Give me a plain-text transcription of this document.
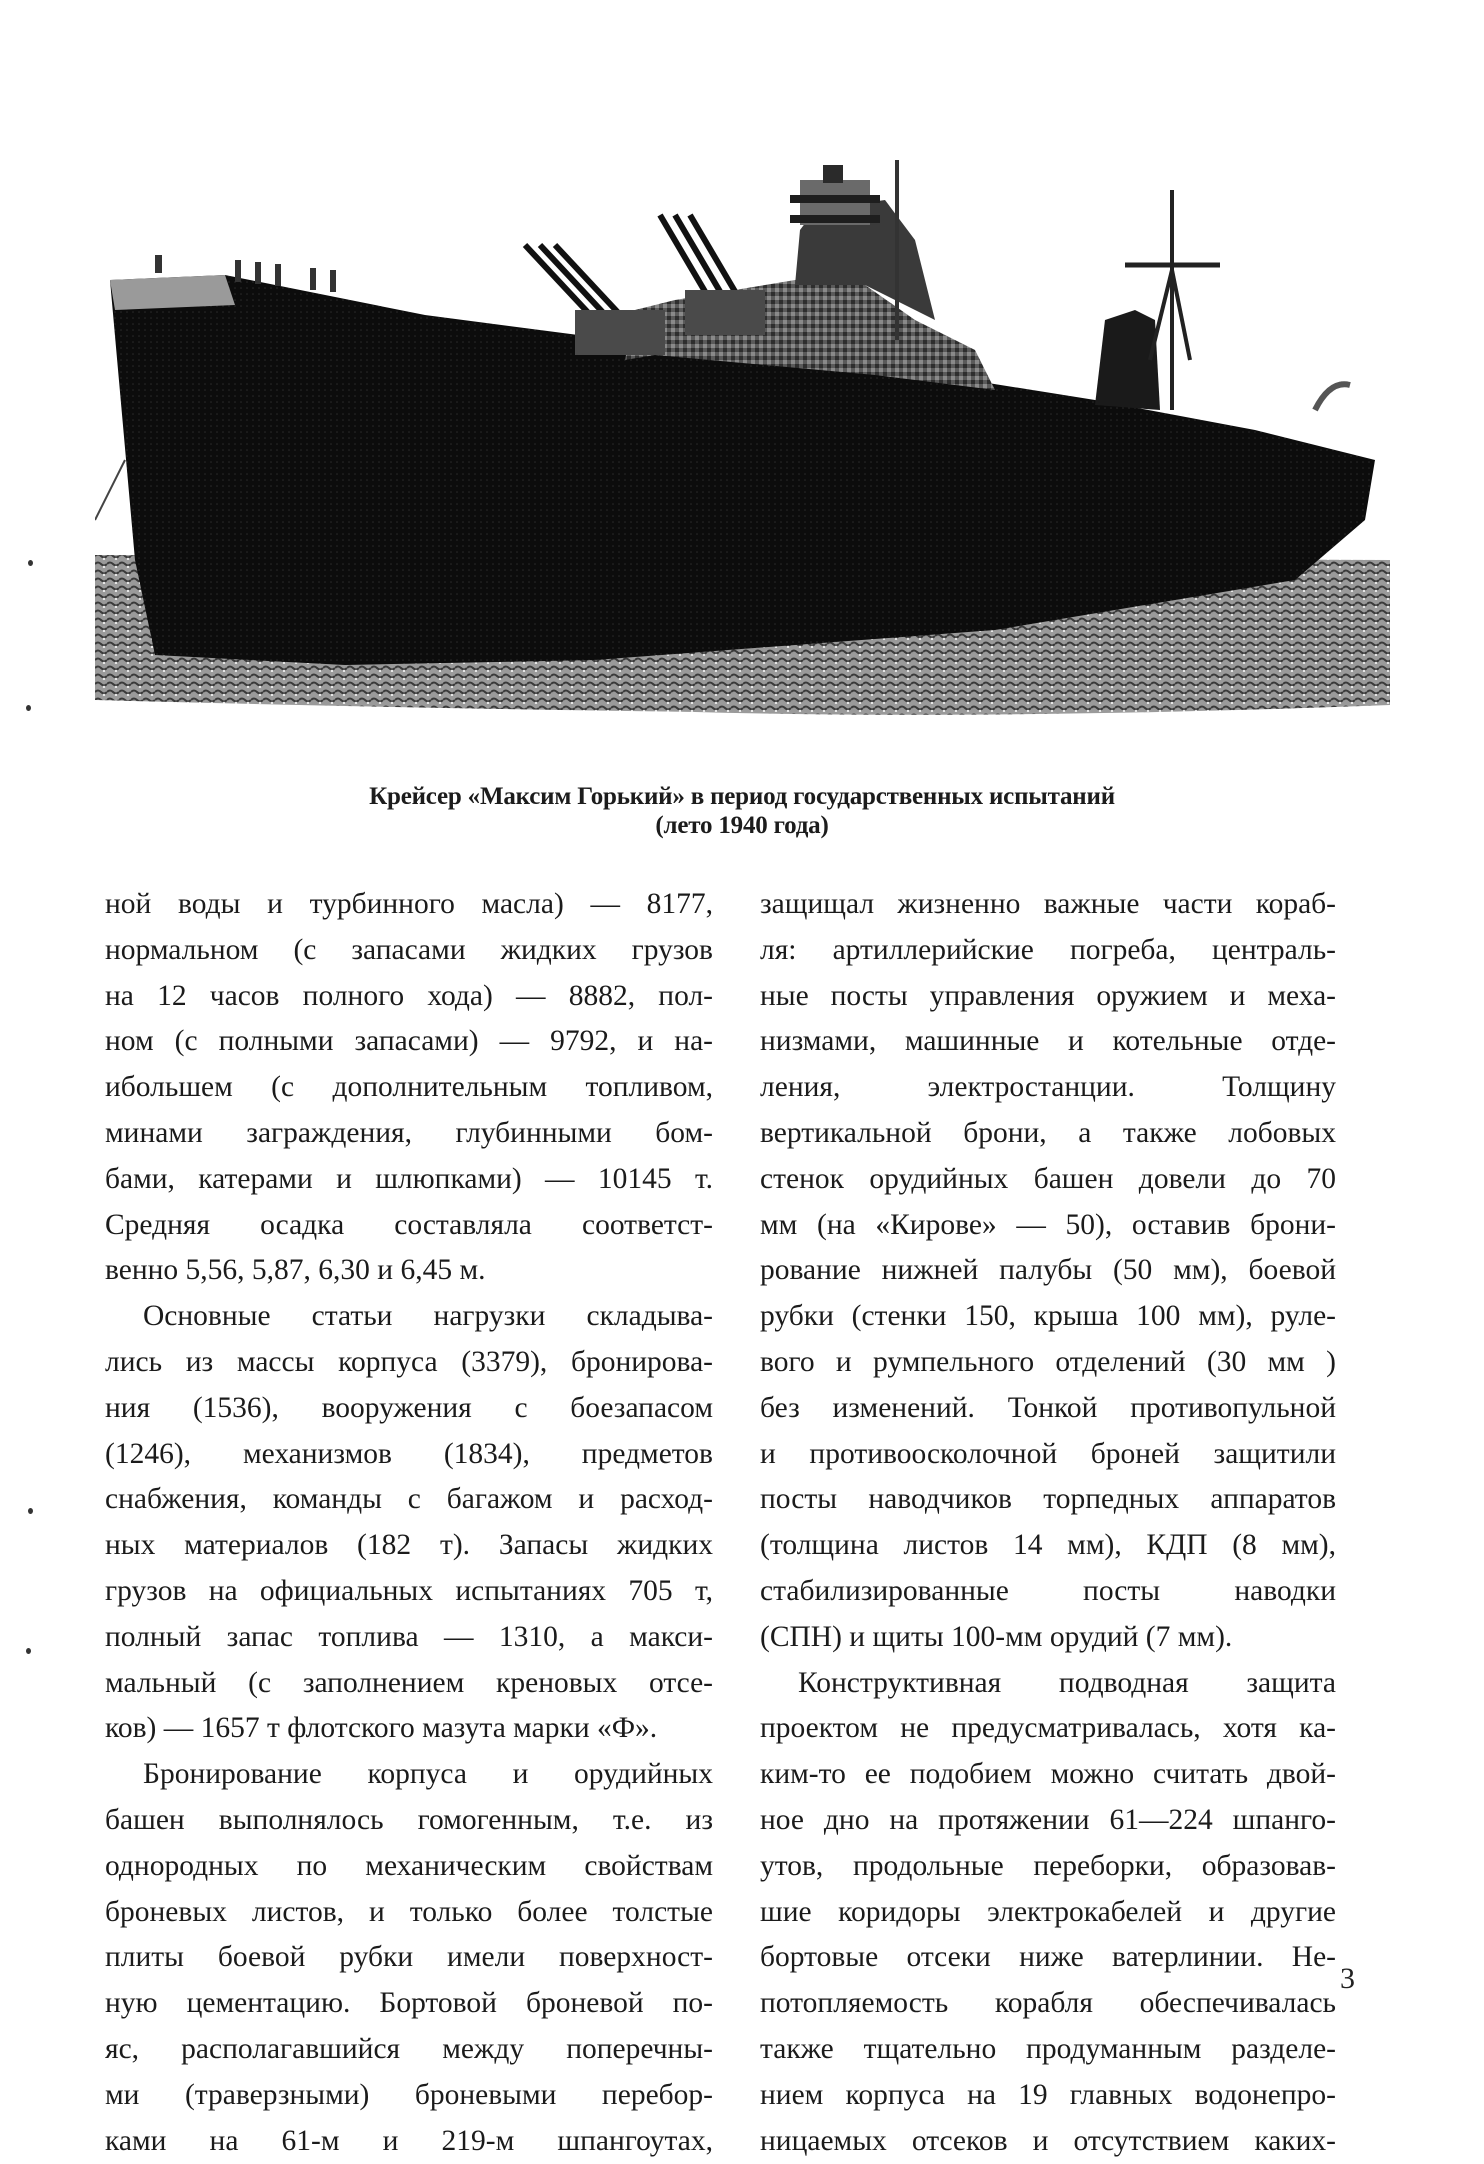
Крейсер «Максим Горький» в период государственных испытаний
(лето 1940 года)
ной воды и турбинного масла) — 8177,
нормальном (с запасами жидких грузов
на 12 часов полного хода) — 8882, пол-
ном (с полными запасами) — 9792, и на-
ибольшем (с дополнительным топливом,
минами заграждения, глубинными бом-
бами, катерами и шлюпками) — 10145 т.
Средняя осадка составляла соответст-
венно 5,56, 5,87, 6,30 и 6,45 м.
Основные статьи нагрузки складыва-
лись из массы корпуса (3379), бронирова-
ния (1536), вооружения с боезапасом
(1246), механизмов (1834), предметов
снабжения, команды с багажом и расход-
ных материалов (182 т). Запасы жидких
грузов на официальных испытаниях 705 т,
полный запас топлива — 1310, а макси-
мальный (с заполнением креновых отсе-
ков) — 1657 т флотского мазута марки «Ф».
Бронирование корпуса и орудийных
башен выполнялось гомогенным, т.е. из
однородных по механическим свойствам
броневых листов, и только более толстые
плиты боевой рубки имели поверхност-
ную цементацию. Бортовой броневой по-
яс, располагавшийся между поперечны-
ми (траверзными) броневыми перебор-
ками на 61-м и 219-м шпангоутах,
защищал жизненно важные части кораб-
ля: артиллерийские погреба, централь-
ные посты управления оружием и меха-
низмами, машинные и котельные отде-
ления, электростанции. Толщину
вертикальной брони, а также лобовых
стенок орудийных башен довели до 70
мм (на «Кирове» — 50), оставив брони-
рование нижней палубы (50 мм), боевой
рубки (стенки 150, крыша 100 мм), руле-
вого и румпельного отделений (30 мм )
без изменений. Тонкой противопульной
и противоосколочной броней защитили
посты наводчиков торпедных аппаратов
(толщина листов 14 мм), КДП (8 мм),
стабилизированные посты наводки
(СПН) и щиты 100-мм орудий (7 мм).
Конструктивная подводная защита
проектом не предусматривалась, хотя ка-
ким-то ее подобием можно считать двой-
ное дно на протяжении 61—224 шпанго-
утов, продольные переборки, образовав-
шие коридоры электрокабелей и другие
бортовые отсеки ниже ватерлинии. Не-
потопляемость корабля обеспечивалась
также тщательно продуманным разделе-
нием корпуса на 19 главных водонепро-
ницаемых отсеков и отсутствием каких-
3
